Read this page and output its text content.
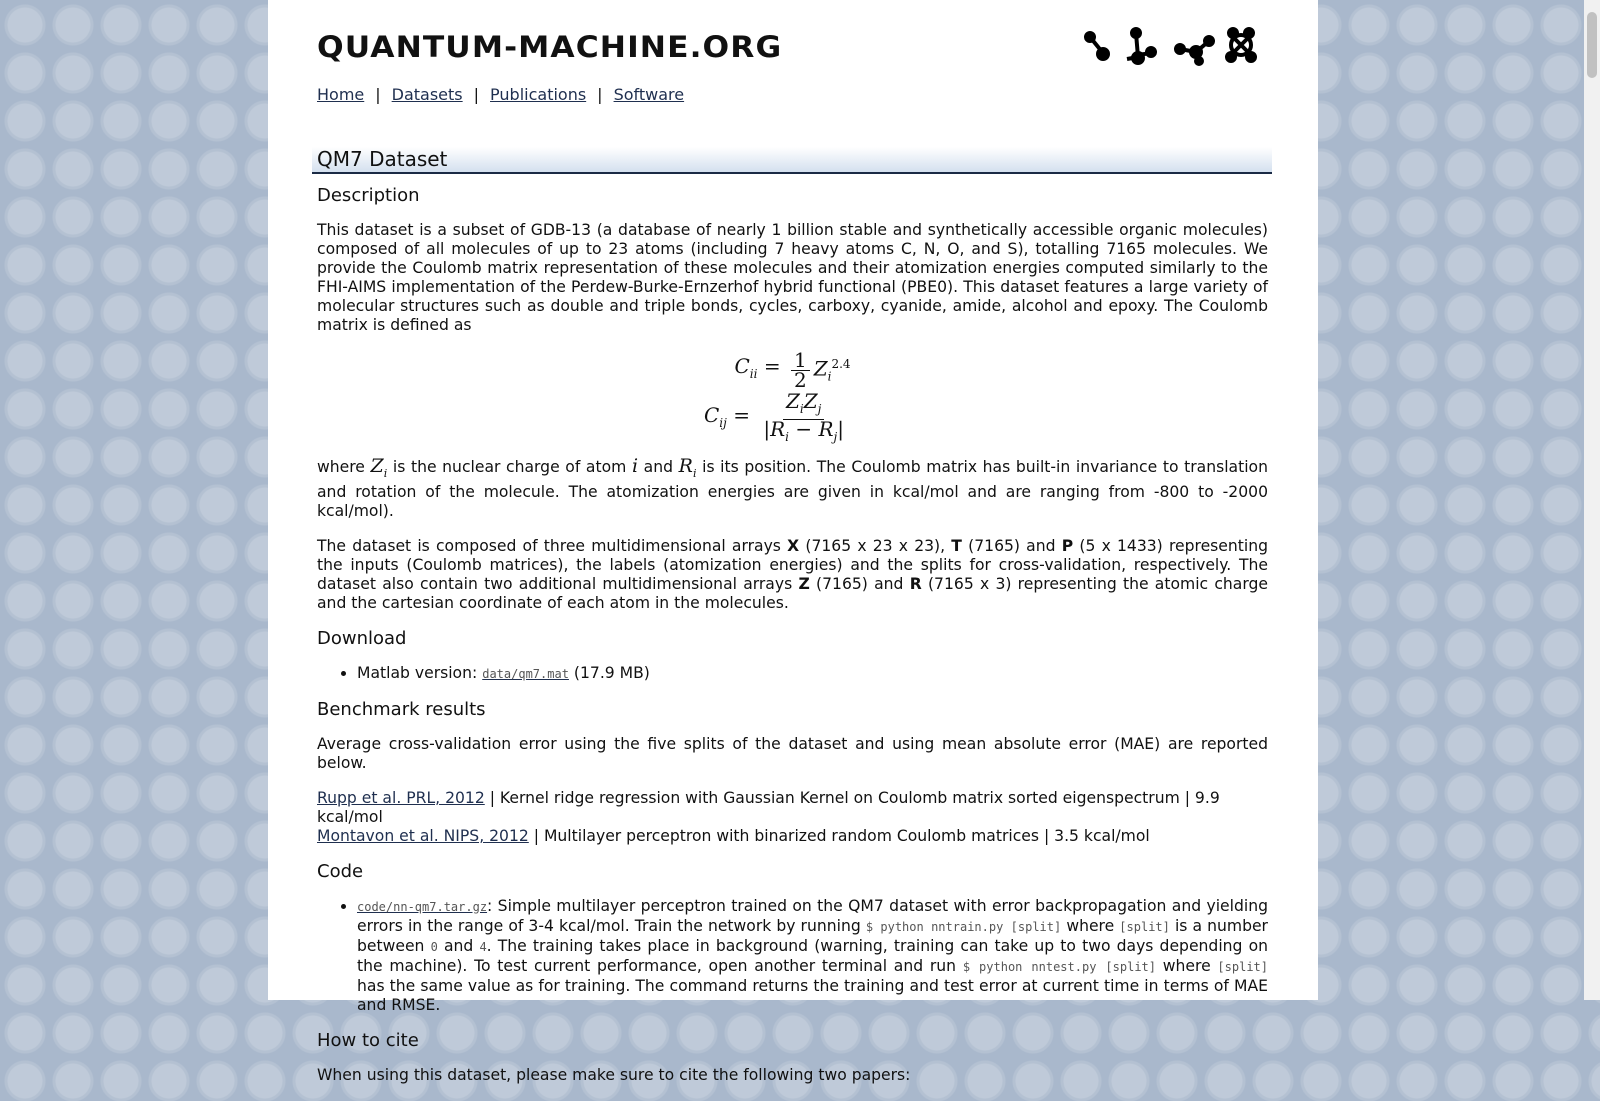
QUANTUM-MACHINE.ORG
Home | Datasets | Publications | Software
QM7 Dataset
Description

This dataset is a subset of GDB-13 (a database of nearly 1 billion stable and synthetically accessible organic molecules) composed of all molecules of up to 23 atoms (including 7 heavy atoms C, N, O, and S), totalling 7165 molecules. We provide the Coulomb matrix representation of these molecules and their atomization energies computed similarly to the FHI-AIMS implementation of the Perdew-Burke-Ernzerhof hybrid functional (PBE0). This dataset features a large variety of molecular structures such as double and triple bonds, cycles, carboxy, cyanide, amide, alcohol and epoxy. The Coulomb matrix is defined as

$C_{ii} = \frac{1}{2} Z_i^{2.4}$
$C_{ij} = \frac{Z_iZ_j}{|R_i - R_j|}$

where $Z_i$ is the nuclear charge of atom i and $R_i$ is its position. The Coulomb matrix has built-in invariance to translation and rotation of the molecule. The atomization energies are given in kcal/mol and are ranging from -800 to -2000 kcal/mol).

The dataset is composed of three multidimensional arrays X (7165 x 23 x 23), T (7165) and P (5 x 1433) representing the inputs (Coulomb matrices), the labels (atomization energies) and the splits for cross-validation, respectively. The dataset also contain two additional multidimensional arrays Z (7165) and R (7165 x 3) representing the atomic charge and the cartesian coordinate of each atom in the molecules.

Download
• Matlab version: data/qm7.mat (17.9 MB)
Benchmark results

Average cross-validation error using the five splits of the dataset and using mean absolute error (MAE) are reported below.

Rupp et al. PRL, 2012 | Kernel ridge regression with Gaussian Kernel on Coulomb matrix sorted eigenspectrum | 9.9 kcal/mol
Montavon et al. NIPS, 2012 | Multilayer perceptron with binarized random Coulomb matrices | 3.5 kcal/mol

Code
• code/nn-qm7.tar.gz: Simple multilayer perceptron trained on the QM7 dataset with error backpropagation and yielding errors in the range of 3-4 kcal/mol. Train the network by running $ python nntrain.py [split] where [split] is a number between 0 and 4. The training takes place in background (warning, training can take up to two days depending on the machine). To test current performance, open another terminal and run $ python nntest.py [split] where [split] has the same value as for training. The command returns the training and test error at current time in terms of MAE and RMSE.
How to cite

When using this dataset, please make sure to cite the following two papers:
